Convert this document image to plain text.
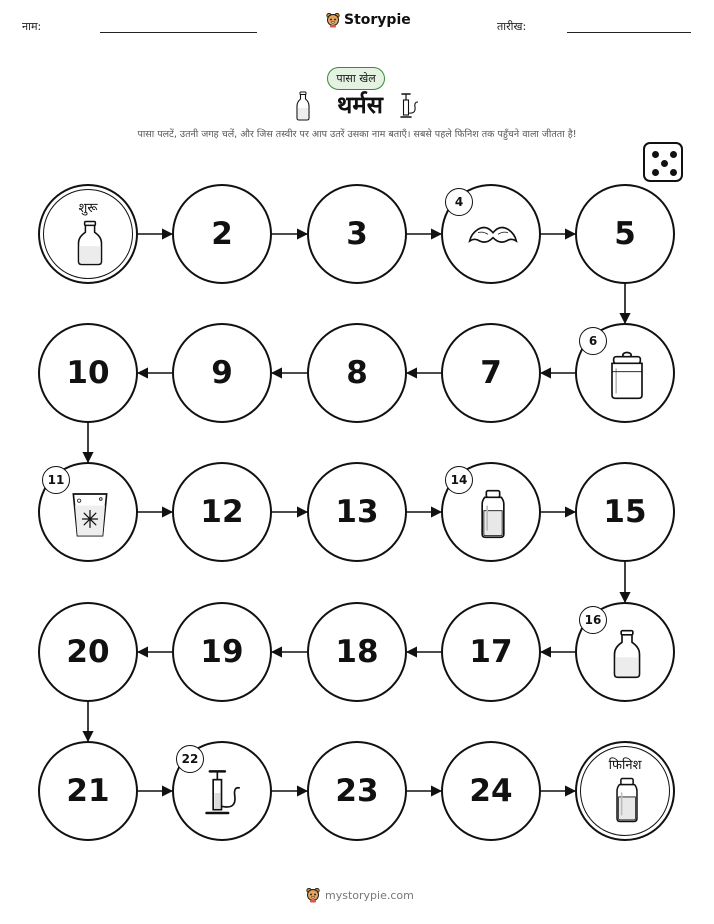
नाम:	Storypie	तारीख:
पासा खेल
थर्मस
पासा पलटें, उतनी जगह चलें, और जिस तस्वीर पर आप उतरें उसका नाम बताएँ। सबसे पहले फिनिश तक पहुँचने वाला जीतता है!
शुरू
2	3
4
5
6
7
8
9
10
11
12	13
14
15
16
17
18
19
20
21
22
23	24
फिनिश
mystorypie.com
